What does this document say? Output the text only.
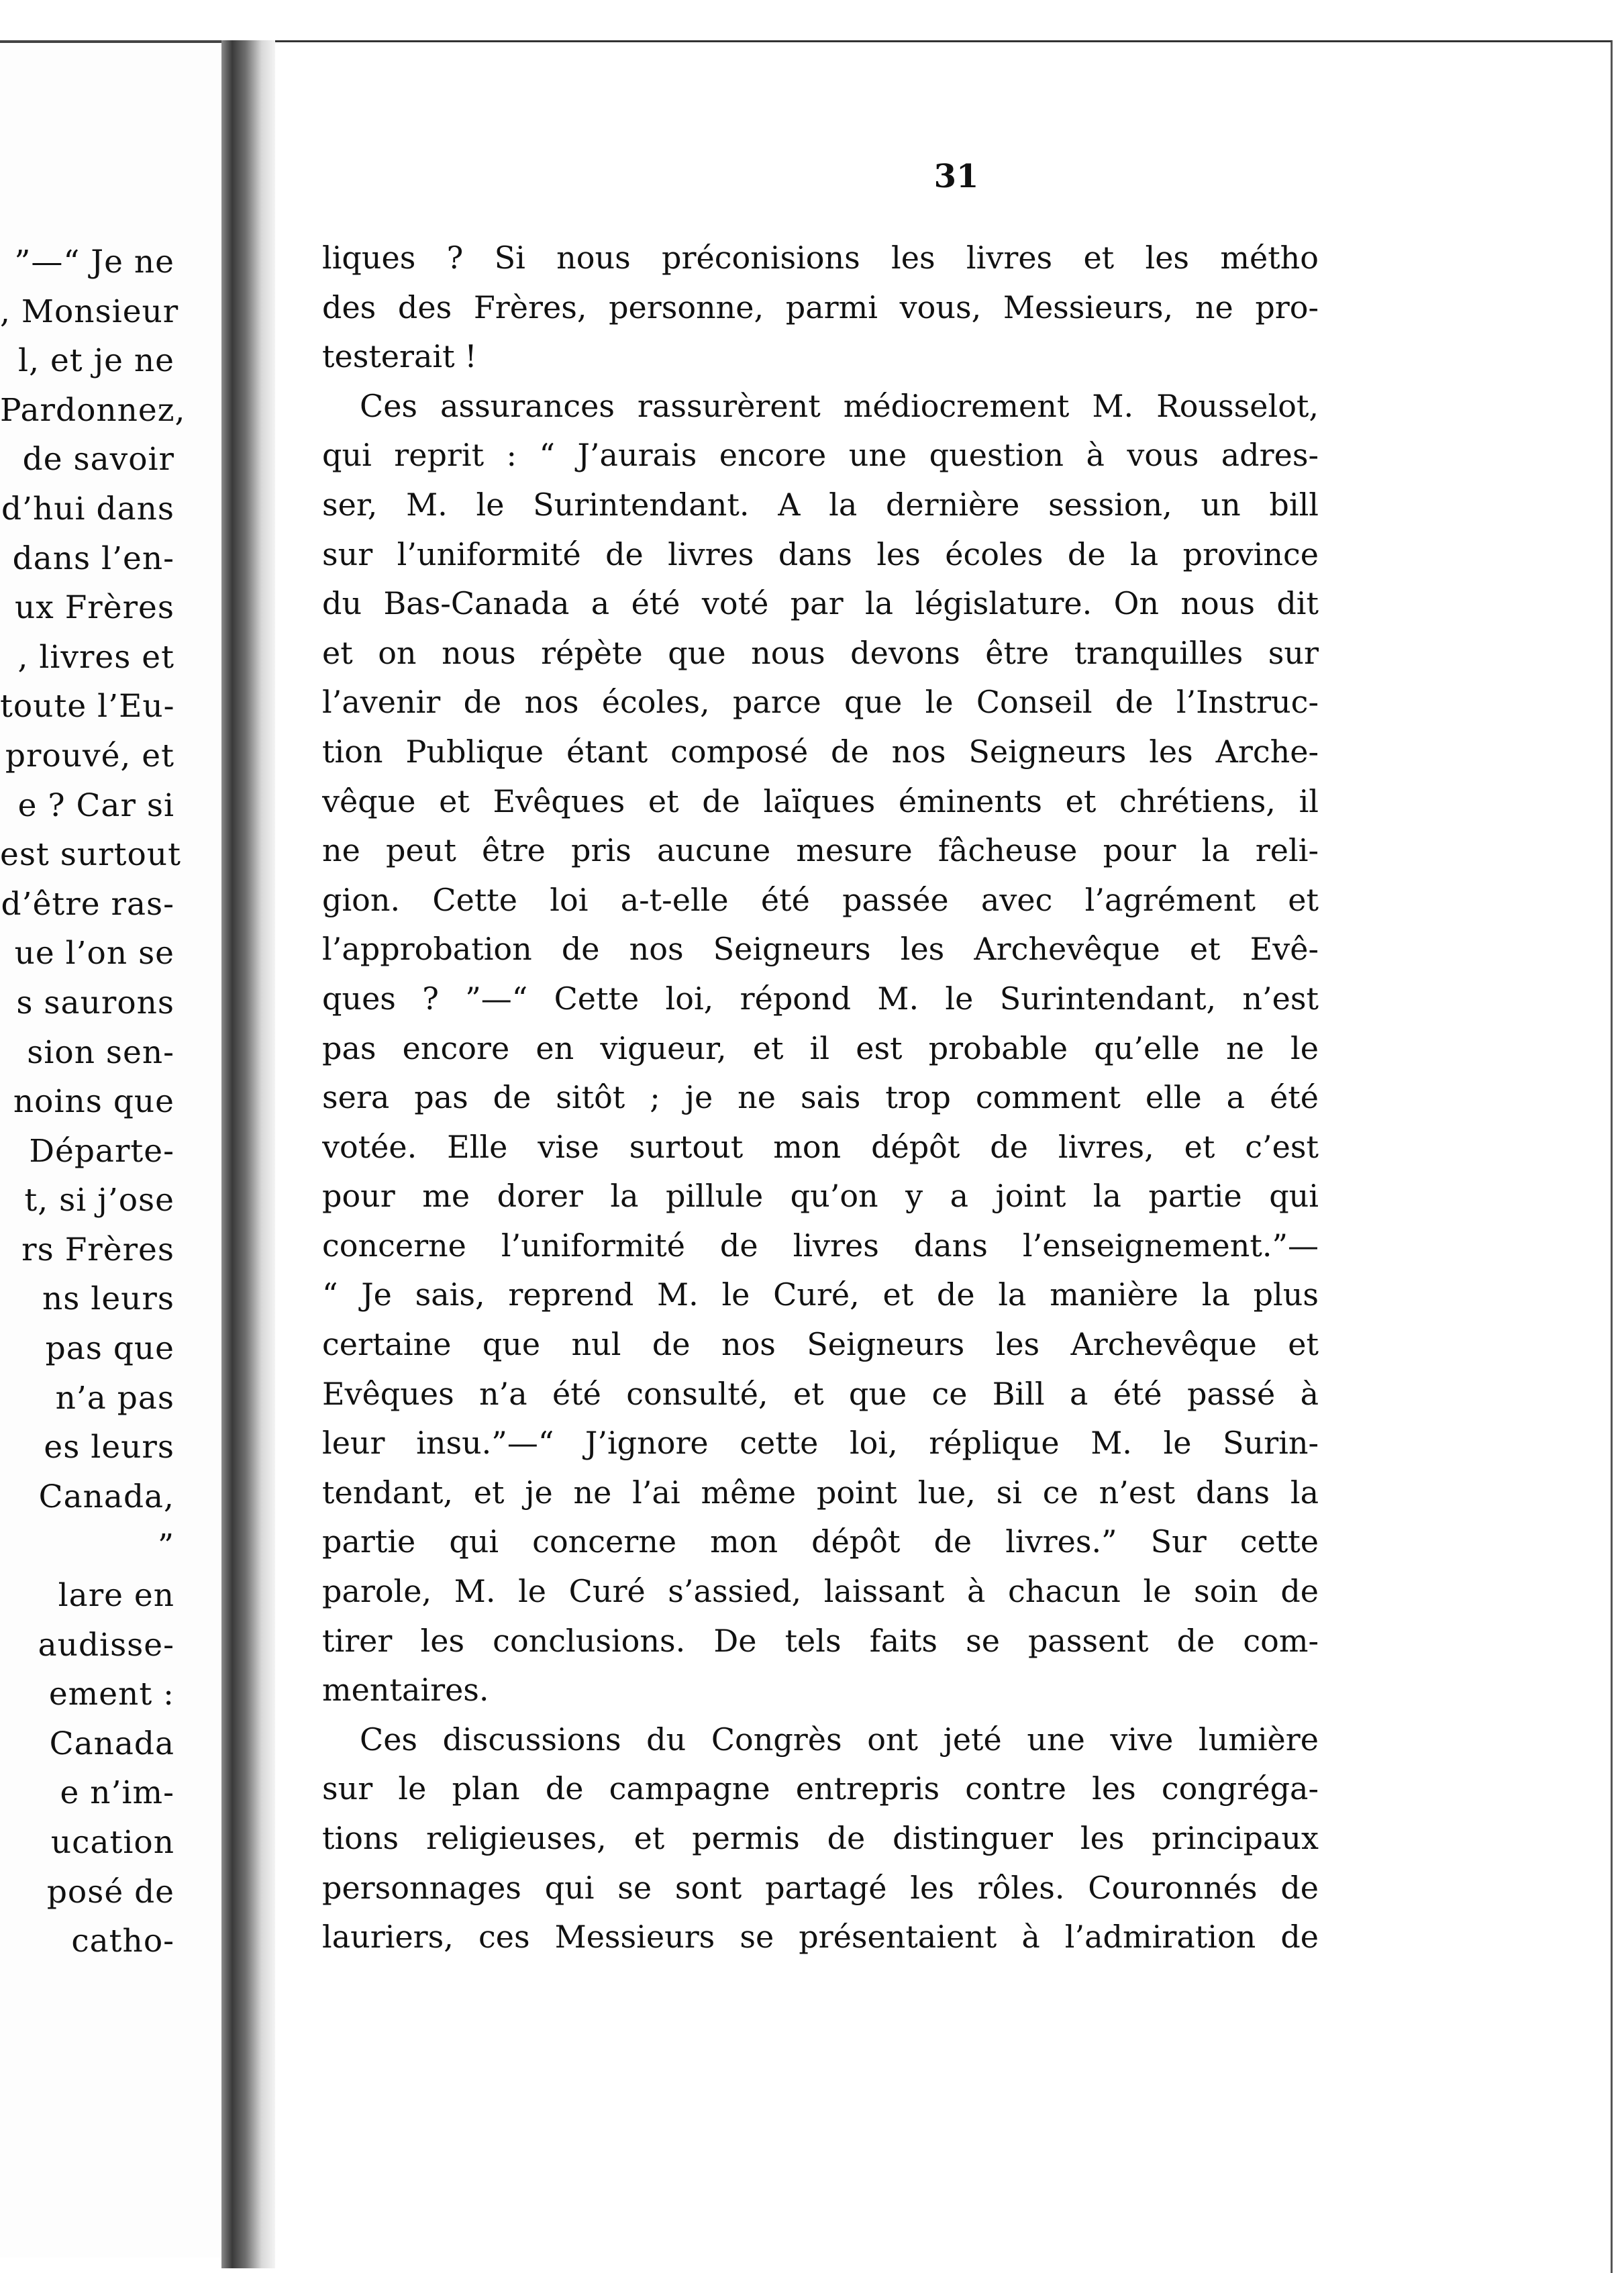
”—“ Je ne
, Monsieur
l, et je ne
Pardonnez,
de savoir
d’hui dans
dans l’en-
ux Frères
, livres et
toute l’Eu-
prouvé, et
e ? Car si
est surtout
d’être ras-
ue l’on se
s saurons
sion sen-
noins que
Départe-
t, si j’ose
rs Frères
ns leurs
pas que
n’a pas
es leurs
Canada,
”
lare en
audisse-
ement :
Canada
e n’im-
ucation
posé de
catho-
31
liques ? Si nous préconisions les livres et les métho
des des Frères, personne, parmi vous, Messieurs, ne pro-
testerait !
Ces assurances rassurèrent médiocrement M. Rousselot,
qui reprit : “ J’aurais encore une question à vous adres-
ser, M. le Surintendant. A la dernière session, un bill
sur l’uniformité de livres dans les écoles de la province
du Bas-Canada a été voté par la législature. On nous dit
et on nous répète que nous devons être tranquilles sur
l’avenir de nos écoles, parce que le Conseil de l’Instruc-
tion Publique étant composé de nos Seigneurs les Arche-
vêque et Evêques et de laïques éminents et chrétiens, il
ne peut être pris aucune mesure fâcheuse pour la reli-
gion. Cette loi a-t-elle été passée avec l’agrément et
l’approbation de nos Seigneurs les Archevêque et Evê-
ques ? ”—“ Cette loi, répond M. le Surintendant, n’est
pas encore en vigueur, et il est probable qu’elle ne le
sera pas de sitôt ; je ne sais trop comment elle a été
votée. Elle vise surtout mon dépôt de livres, et c’est
pour me dorer la pillule qu’on y a joint la partie qui
concerne l’uniformité de livres dans l’enseignement.”—
“ Je sais, reprend M. le Curé, et de la manière la plus
certaine que nul de nos Seigneurs les Archevêque et
Evêques n’a été consulté, et que ce Bill a été passé à
leur insu.”—“ J’ignore cette loi, réplique M. le Surin-
tendant, et je ne l’ai même point lue, si ce n’est dans la
partie qui concerne mon dépôt de livres.” Sur cette
parole, M. le Curé s’assied, laissant à chacun le soin de
tirer les conclusions. De tels faits se passent de com-
mentaires.
Ces discussions du Congrès ont jeté une vive lumière
sur le plan de campagne entrepris contre les congréga-
tions religieuses, et permis de distinguer les principaux
personnages qui se sont partagé les rôles. Couronnés de
lauriers, ces Messieurs se présentaient à l’admiration de
